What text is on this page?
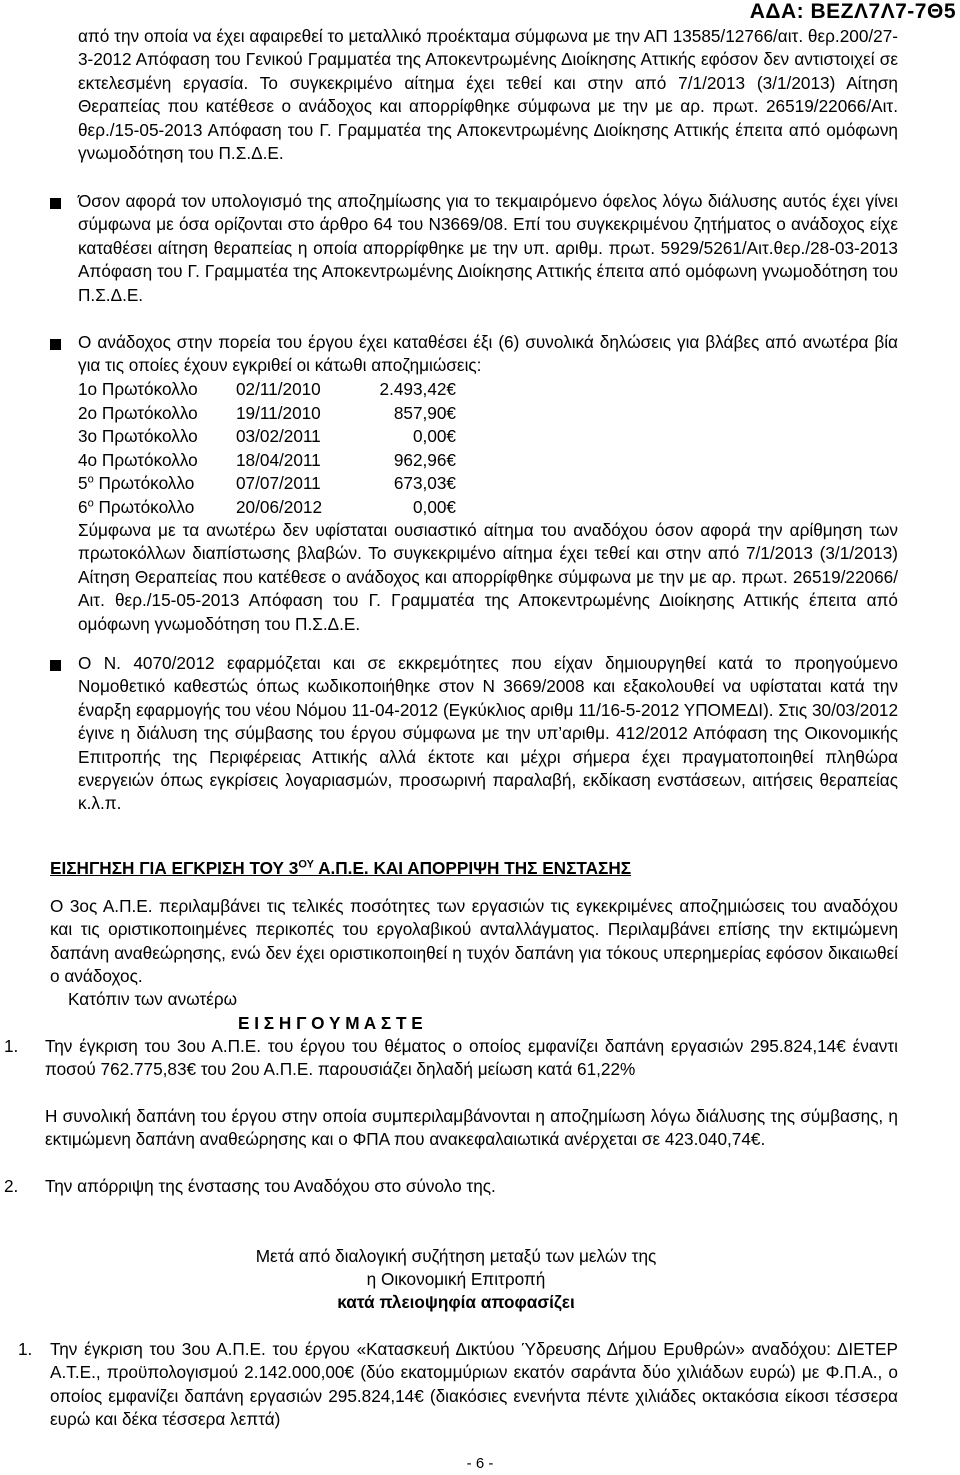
ΑΔΑ: ΒΕΖΛ7Λ7-7Θ5
από την οποία να έχει αφαιρεθεί το μεταλλικό προέκταμα σύμφωνα με την ΑΠ 13585/12766/αιτ. θερ.200/27-3-2012 Απόφαση του Γενικού Γραμματέα της Αποκεντρωμένης Διοίκησης Αττικής εφόσον δεν αντιστοιχεί σε εκτελεσμένη εργασία. Το συγκεκριμένο αίτημα έχει τεθεί και στην από 7/1/2013 (3/1/2013) Αίτηση Θεραπείας που κατέθεσε ο ανάδοχος και απορρίφθηκε σύμφωνα με την με αρ. πρωτ. 26519/22066/Αιτ. θερ./15-05-2013 Απόφαση του Γ. Γραμματέα της Αποκεντρωμένης Διοίκησης Αττικής έπειτα από ομόφωνη γνωμοδότηση του Π.Σ.Δ.Ε.
Όσον αφορά τον υπολογισμό της αποζημίωσης για το τεκμαιρόμενο όφελος λόγω διάλυσης αυτός έχει γίνει σύμφωνα με όσα ορίζονται στο άρθρο 64 του Ν3669/08. Επί του συγκεκριμένου ζητήματος ο ανάδοχος είχε καταθέσει αίτηση θεραπείας η οποία απορρίφθηκε με την υπ. αριθμ. πρωτ. 5929/5261/Αιτ.θερ./28-03-2013 Απόφαση του Γ. Γραμματέα της Αποκεντρωμένης Διοίκησης Αττικής έπειτα από ομόφωνη γνωμοδότηση του Π.Σ.Δ.Ε.
Ο ανάδοχος στην πορεία του έργου έχει καταθέσει έξι (6) συνολικά δηλώσεις για βλάβες από ανωτέρα βία για τις οποίες έχουν εγκριθεί οι κάτωθι αποζημιώσεις:
1ο Πρωτόκολλο 02/11/2010	2.493,42€
2ο Πρωτόκολλο 19/11/2010	857,90€
3ο Πρωτόκολλο 03/02/2011	0,00€
4ο Πρωτόκολλο 18/04/2011	962,96€
$5^o$ Πρωτόκολλο 07/07/2011	673,03€
$6^o$ Πρωτόκολλο 20/06/2012	0,00€
Σύμφωνα με τα ανωτέρω δεν υφίσταται ουσιαστικό αίτημα του αναδόχου όσον αφορά την αρίθμηση των πρωτοκόλλων διαπίστωσης βλαβών. Το συγκεκριμένο αίτημα έχει τεθεί και στην από 7/1/2013 (3/1/2013) Αίτηση Θεραπείας που κατέθεσε ο ανάδοχος και απορρίφθηκε σύμφωνα με την με αρ. πρωτ. 26519/22066/Αιτ. θερ./15-05-2013 Απόφαση του Γ. Γραμματέα της Αποκεντρωμένης Διοίκησης Αττικής έπειτα από ομόφωνη γνωμοδότηση του Π.Σ.Δ.Ε.
Ο Ν. 4070/2012 εφαρμόζεται και σε εκκρεμότητες που είχαν δημιουργηθεί κατά το προηγούμενο Νομοθετικό καθεστώς όπως κωδικοποιήθηκε στον Ν 3669/2008 και εξακολουθεί να υφίσταται κατά την έναρξη εφαρμογής του νέου Νόμου 11-04-2012 (Εγκύκλιος αριθμ 11/16-5-2012 ΥΠΟΜΕΔΙ). Στις 30/03/2012 έγινε η διάλυση της σύμβασης του έργου σύμφωνα με την υπ’αριθμ. 412/2012 Απόφαση της Οικονομικής Επιτροπής της Περιφέρειας Αττικής αλλά έκτοτε και μέχρι σήμερα έχει πραγματοποιηθεί πληθώρα ενεργειών όπως εγκρίσεις λογαριασμών, προσωρινή παραλαβή, εκδίκαση ενστάσεων, αιτήσεις θεραπείας κ.λ.π.
ΕΙΣΗΓΗΣΗ ΓΙΑ ΕΓΚΡΙΣΗ ΤΟΥ $3^{O\Upsilon}$ Α.Π.Ε. ΚΑΙ ΑΠΟΡΡΙΨΗ ΤΗΣ ΕΝΣΤΑΣΗΣ
Ο 3ος Α.Π.Ε. περιλαμβάνει τις τελικές ποσότητες των εργασιών τις εγκεκριμένες αποζημιώσεις του αναδόχου και τις οριστικοποιημένες περικοπές του εργολαβικού ανταλλάγματος. Περιλαμβάνει επίσης την εκτιμώμενη δαπάνη αναθεώρησης, ενώ δεν έχει οριστικοποιηθεί η τυχόν δαπάνη για τόκους υπερημερίας εφόσον δικαιωθεί ο ανάδοχος.
Κατόπιν των ανωτέρω
Ε Ι Σ Η Γ Ο Υ Μ Α Σ Τ Ε
1. Την έγκριση του 3ου Α.Π.Ε. του έργου του θέματος ο οποίος εμφανίζει δαπάνη εργασιών 295.824,14€ έναντι ποσού 762.775,83€ του 2ου Α.Π.Ε. παρουσιάζει δηλαδή μείωση κατά 61,22%
Η συνολική δαπάνη του έργου στην οποία συμπεριλαμβάνονται η αποζημίωση λόγω διάλυσης της σύμβασης, η εκτιμώμενη δαπάνη αναθεώρησης και ο ΦΠΑ που ανακεφαλαιωτικά ανέρχεται σε 423.040,74€.
2. Την απόρριψη της ένστασης του Αναδόχου στο σύνολο της.
Μετά από διαλογική συζήτηση μεταξύ των μελών της
η Οικονομική Επιτροπή
κατά πλειοψηφία αποφασίζει
1. Την έγκριση του 3ου Α.Π.Ε. του έργου «Κατασκευή Δικτύου Ύδρευσης Δήμου Ερυθρών» αναδόχου: ΔΙΕΤΕΡ Α.Τ.Ε., προϋπολογισμού 2.142.000,00€ (δύο εκατομμύριων εκατόν σαράντα δύο χιλιάδων ευρώ) με Φ.Π.Α., ο οποίος εμφανίζει δαπάνη εργασιών 295.824,14€ (διακόσιες ενενήντα πέντε χιλιάδες οκτακόσια είκοσι τέσσερα ευρώ και δέκα τέσσερα λεπτά)
- 6 -
